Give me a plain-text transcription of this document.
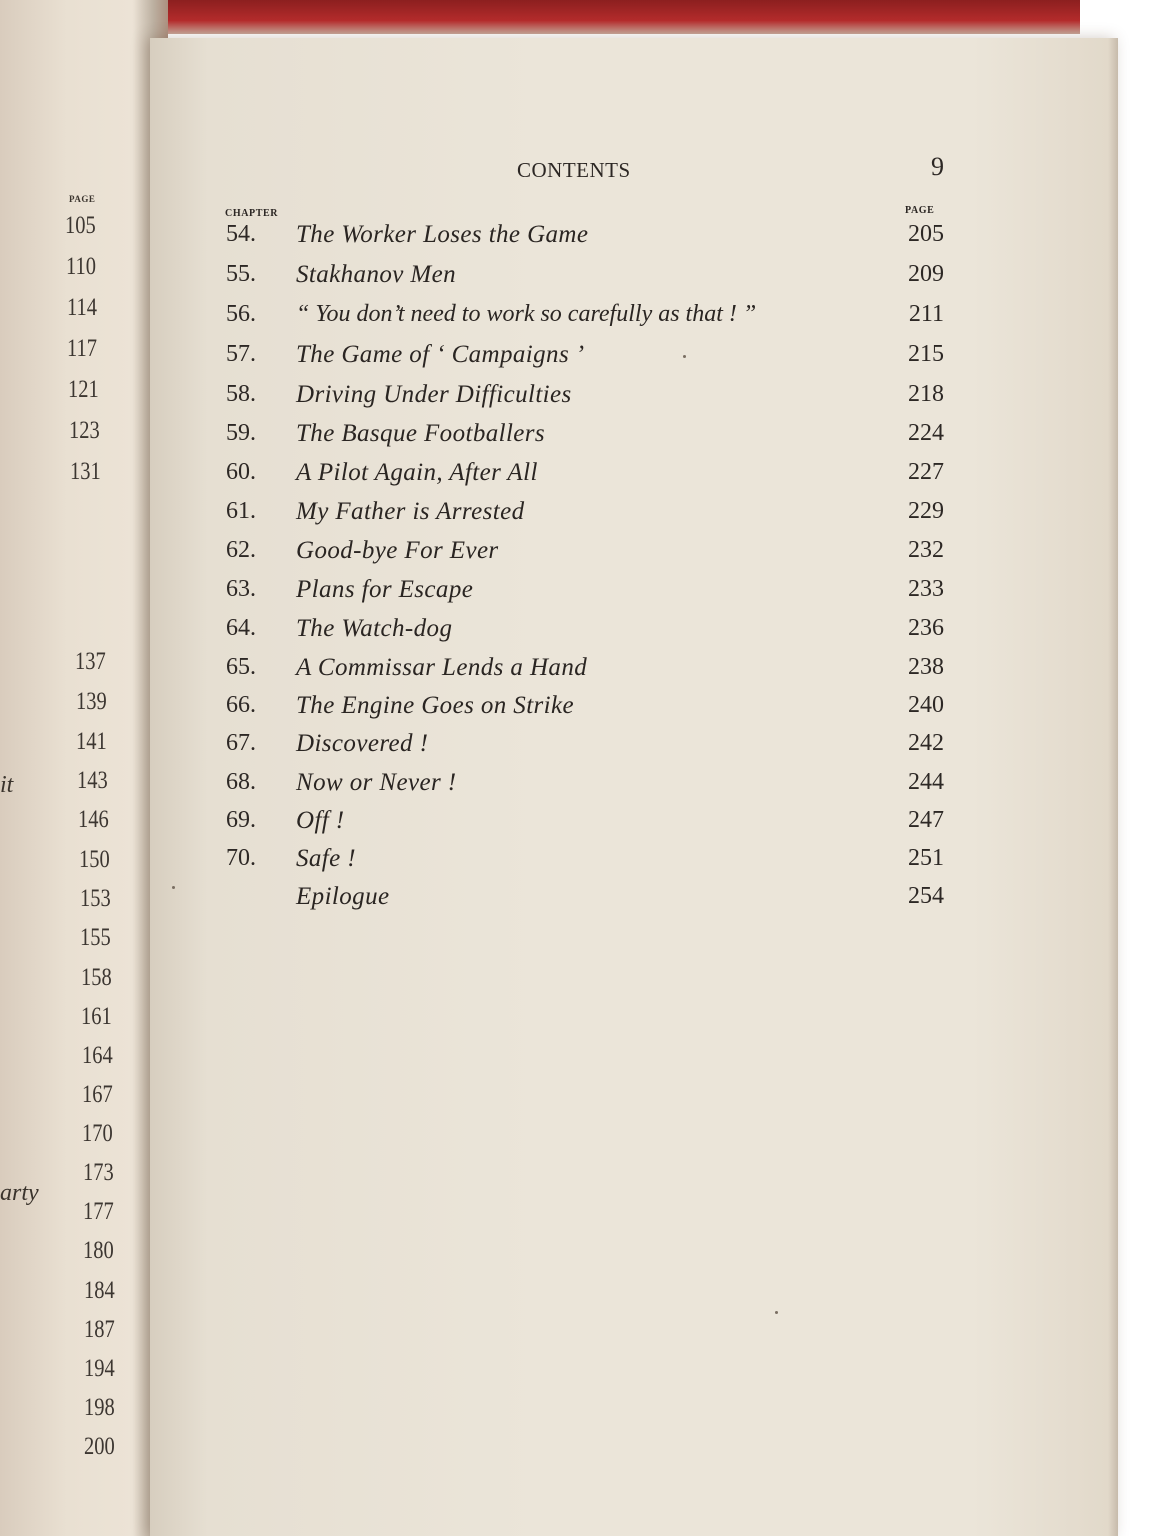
PAGE
105
110
114
117
121
123
131
137
139
141
143
146
150
153
155
158
161
164
167
170
173
177
180
184
187
194
198
200
it
arty
CONTENTS	9
CHAPTER	PAGE
54. The Worker Loses the Game	205
55. Stakhanov Men	209
56. “ You don’t need to work so carefully as that ! ”	211
57. The Game of ‘ Campaigns ’	215
58. Driving Under Difficulties	218
59. The Basque Footballers	224
60. A Pilot Again, After All	227
61. My Father is Arrested	229
62. Good-bye For Ever	232
63. Plans for Escape	233
64. The Watch-dog	236
65. A Commissar Lends a Hand	238
66. The Engine Goes on Strike	240
67. Discovered !	242
68. Now or Never !	244
69. Off !	247
70. Safe !	251
Epilogue	254
